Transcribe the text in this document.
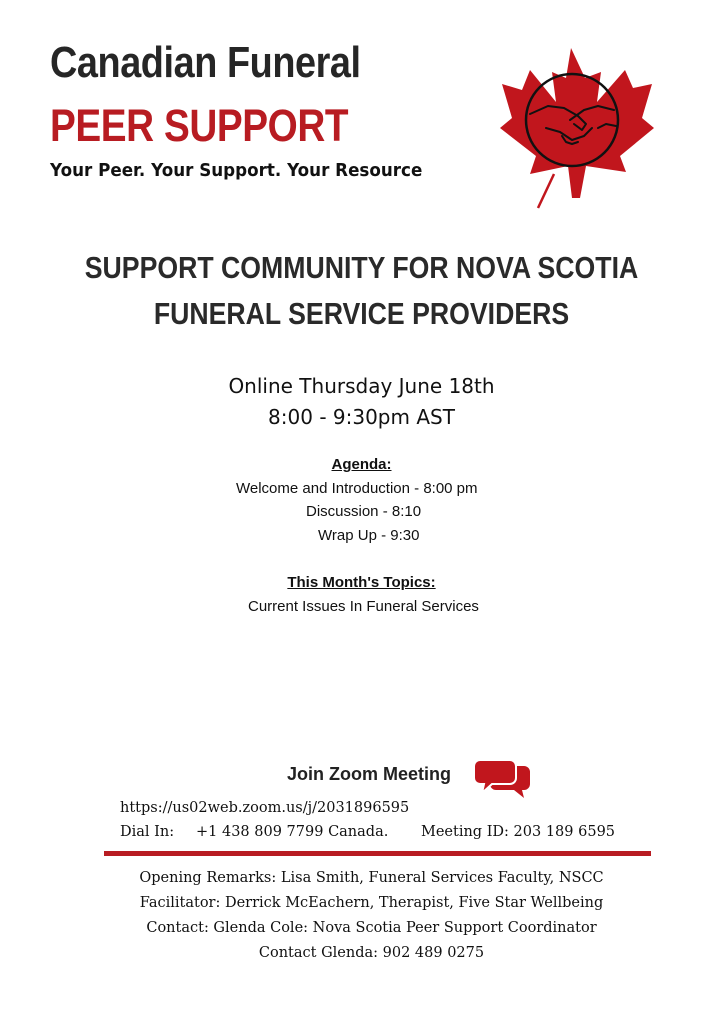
Canadian Funeral
PEER SUPPORT
Your Peer. Your Support. Your Resource
SUPPORT COMMUNITY FOR NOVA SCOTIA
FUNERAL SERVICE PROVIDERS
Online Thursday June 18th
8:00 - 9:30pm AST
Agenda:
Welcome and Introduction - 8:00 pm
Discussion - 8:10
Wrap Up - 9:30
This Month's Topics:
Current Issues In Funeral Services
Join Zoom Meeting
https://us02web.zoom.us/j/2031896595
Dial In: +1 438 809 7799 Canada. Meeting ID: 203 189 6595
Opening Remarks: Lisa Smith, Funeral Services Faculty, NSCC
Facilitator: Derrick McEachern, Therapist, Five Star Wellbeing
Contact: Glenda Cole: Nova Scotia Peer Support Coordinator
Contact Glenda: 902 489 0275
